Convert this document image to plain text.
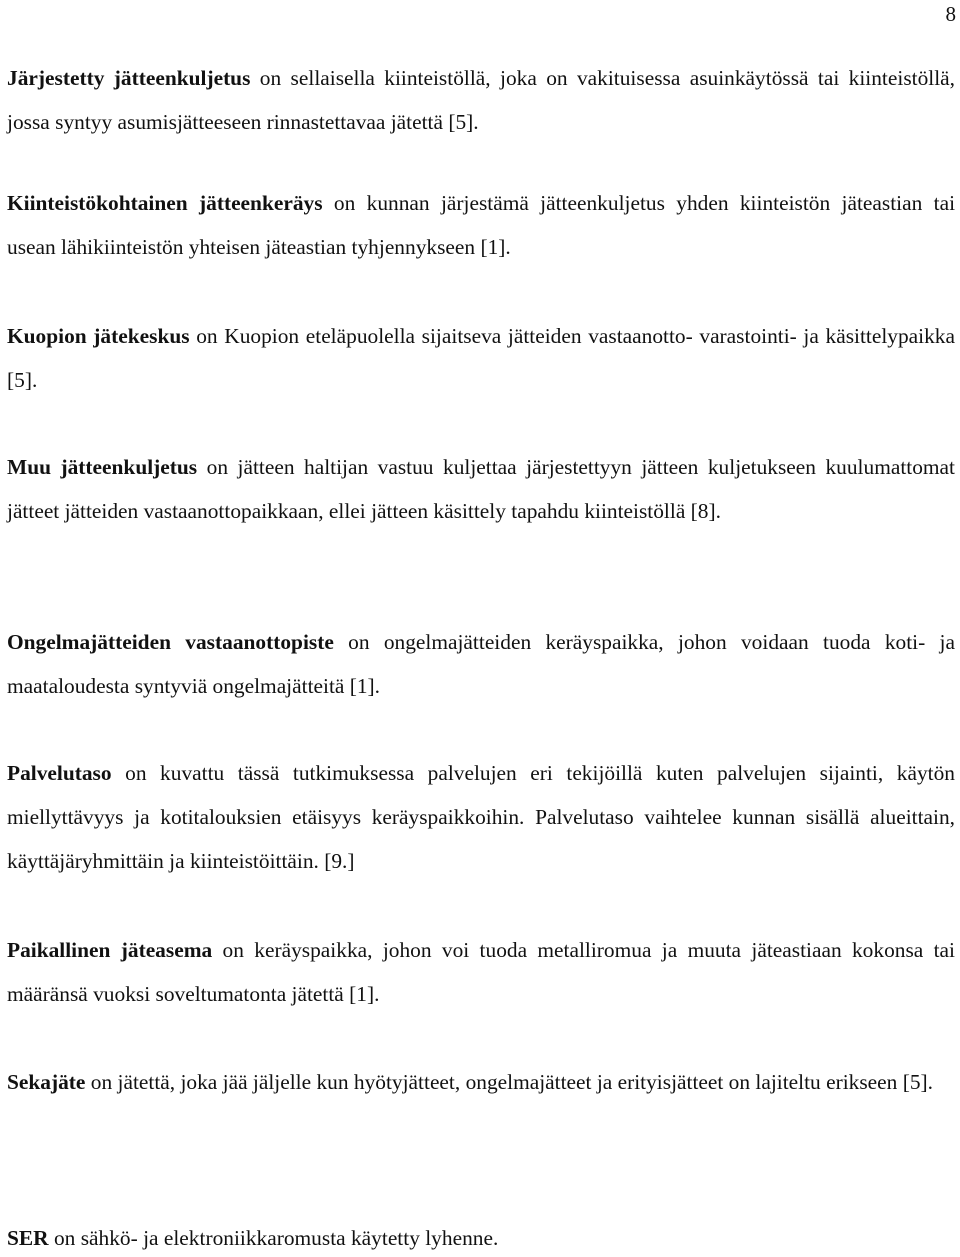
8

Järjestetty jätteenkuljetus on sellaisella kiinteistöllä, joka on vakituisessa asuinkäytössä tai kiinteistöllä, jossa syntyy asumisjätteeseen rinnastettavaa jätettä [5].

Kiinteistökohtainen jätteenkeräys on kunnan järjestämä jätteenkuljetus yhden kiinteistön jäteastian tai usean lähikiinteistön yhteisen jäteastian tyhjennykseen [1].

Kuopion jätekeskus on Kuopion eteläpuolella sijaitseva jätteiden vastaanotto- varastointi- ja käsittelypaikka [5].

Muu jätteenkuljetus on jätteen haltijan vastuu kuljettaa järjestettyyn jätteen kuljetukseen kuulumattomat jätteet jätteiden vastaanottopaikkaan, ellei jätteen käsittely tapahdu kiinteistöllä [8].

Ongelmajätteiden vastaanottopiste on ongelmajätteiden keräyspaikka, johon voidaan tuoda koti- ja maataloudesta syntyviä ongelmajätteitä [1].

Palvelutaso on kuvattu tässä tutkimuksessa palvelujen eri tekijöillä kuten palvelujen sijainti, käytön miellyttävyys ja kotitalouksien etäisyys keräyspaikkoihin. Palvelutaso vaihtelee kunnan sisällä alueittain, käyttäjäryhmittäin ja kiinteistöittäin. [9.]

Paikallinen jäteasema on keräyspaikka, johon voi tuoda metalliromua ja muuta jäteastiaan kokonsa tai määränsä vuoksi soveltumatonta jätettä [1].

Sekajäte on jätettä, joka jää jäljelle kun hyötyjätteet, ongelmajätteet ja erityisjätteet on lajiteltu erikseen [5].

SER on sähkö- ja elektroniikkaromusta käytetty lyhenne.
